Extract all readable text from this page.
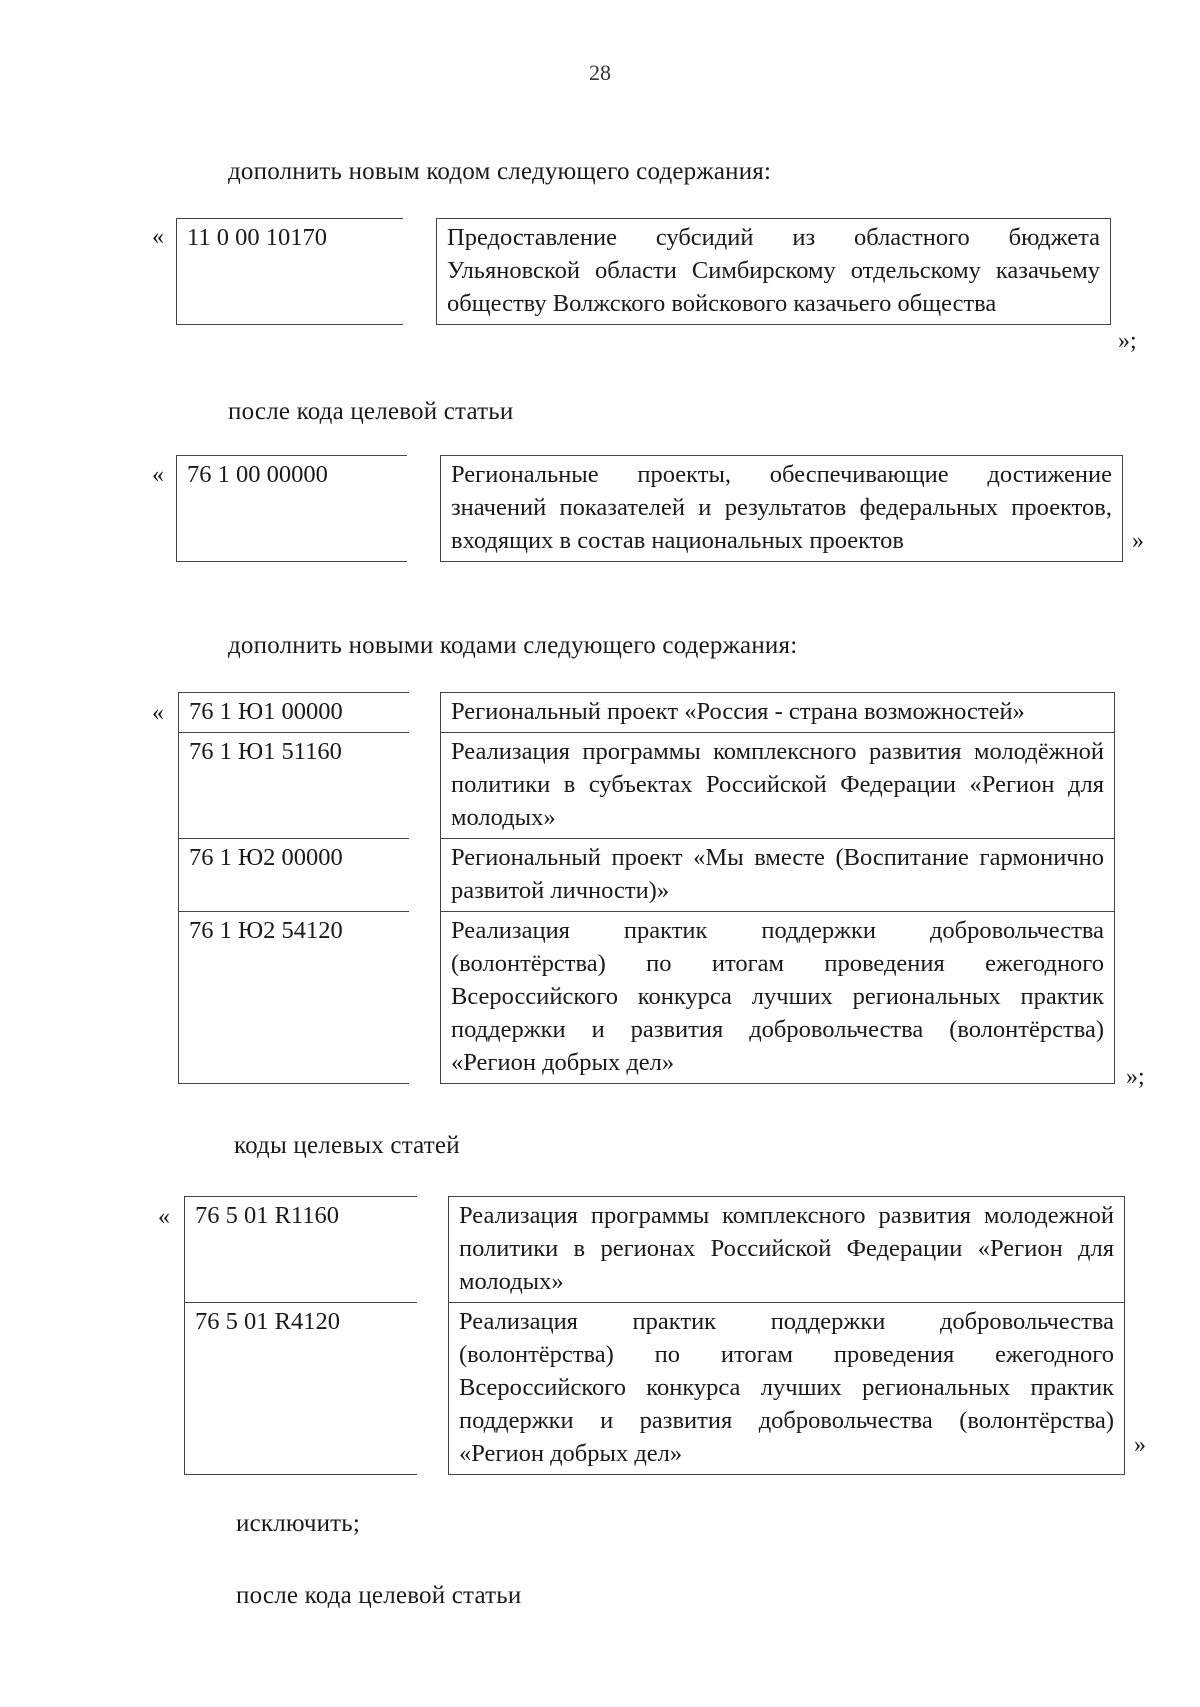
28
дополнить новым кодом следующего содержания:
« 11 0 00 10170		Предоставление субсидий из областного бюджета Ульяновской области Симбирскому отдельскому казачьему обществу Волжского войскового казачьего общества
»;
после кода целевой статьи
« 76 1 00 00000		Региональные проекты, обеспечивающие достижение значений показателей и результатов федеральных проектов, входящих в состав национальных проектов	»
дополнить новыми кодами следующего содержания:
« 76 1 Ю1 00000		Региональный проект «Россия - страна возможностей»
76 1 Ю1 51160		Реализация программы комплексного развития молодёжной политики в субъектах Российской Федерации «Регион для молодых»
76 1 Ю2 00000		Региональный проект «Мы вместе (Воспитание гармонично развитой личности)»
76 1 Ю2 54120		Реализация практик поддержки добровольчества (волонтёрства) по итогам проведения ежегодного Всероссийского конкурса лучших региональных практик поддержки и развития добровольчества (волонтёрства) «Регион добрых дел»
»;
коды целевых статей
« 76 5 01 R1160		Реализация программы комплексного развития молодежной политики в регионах Российской Федерации «Регион для молодых»
76 5 01 R4120		Реализация практик поддержки добровольчества (волонтёрства) по итогам проведения ежегодного Всероссийского конкурса лучших региональных практик поддержки и развития добровольчества (волонтёрства) «Регион добрых дел»	»
исключить;
после кода целевой статьи
